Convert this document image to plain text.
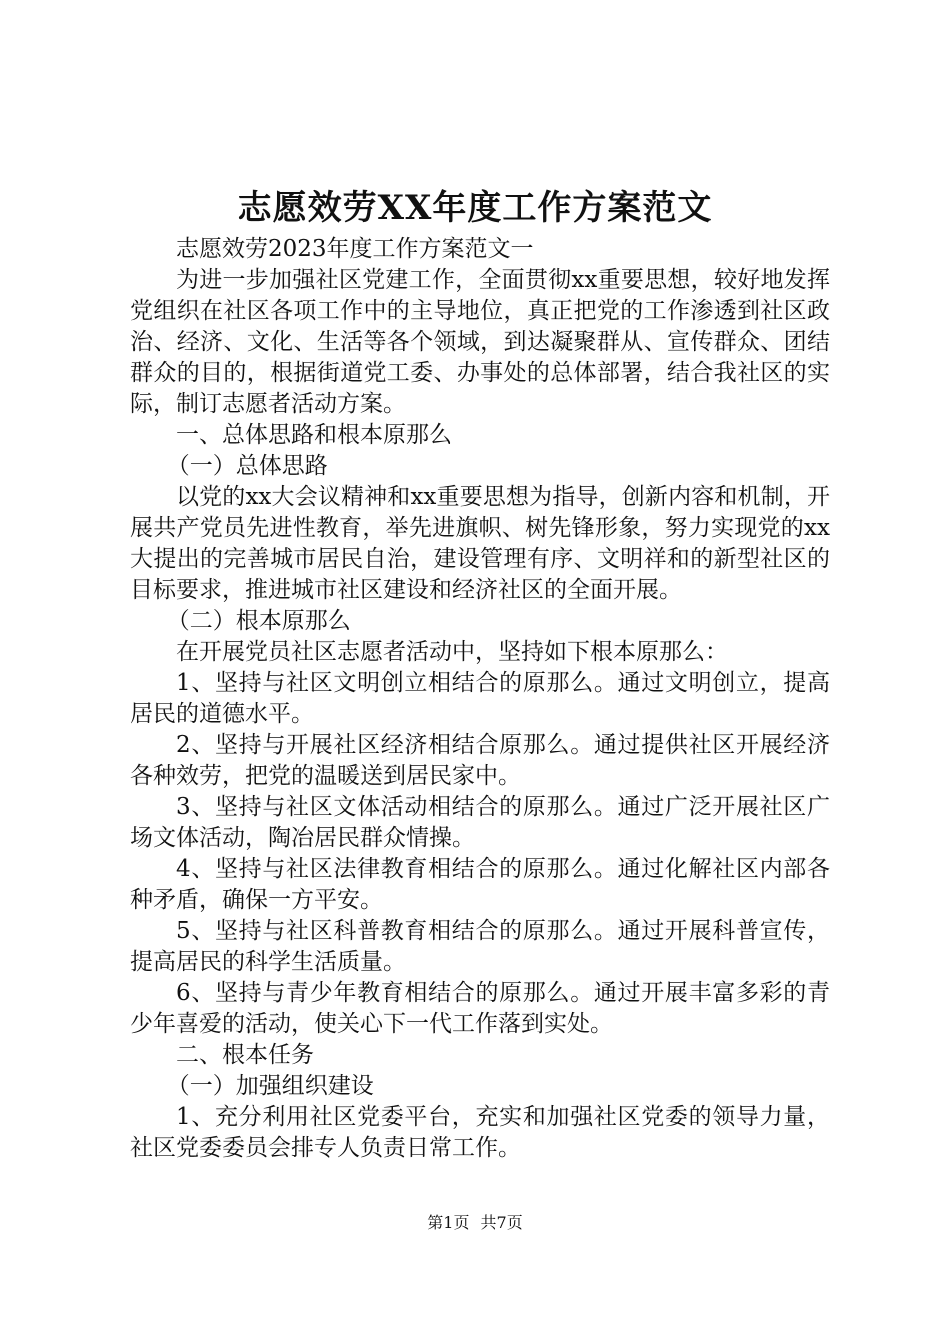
志愿效劳XX年度工作方案范文

志愿效劳2023年度工作方案范文一

为进一步加强社区党建工作，全面贯彻xx重要思想，较好地发挥党组织在社区各项工作中的主导地位，真正把党的工作渗透到社区政治、经济、文化、生活等各个领域，到达凝聚群从、宣传群众、团结群众的目的，根据街道党工委、办事处的总体部署，结合我社区的实际，制订志愿者活动方案。

一、总体思路和根本原那么

（一）总体思路

以党的xx大会议精神和xx重要思想为指导，创新内容和机制，开展共产党员先进性教育，举先进旗帜、树先锋形象，努力实现党的xx大提出的完善城市居民自治，建设管理有序、文明祥和的新型社区的目标要求，推进城市社区建设和经济社区的全面开展。

（二）根本原那么

在开展党员社区志愿者活动中，坚持如下根本原那么：

1、坚持与社区文明创立相结合的原那么。通过文明创立，提高居民的道德水平。

2、坚持与开展社区经济相结合原那么。通过提供社区开展经济各种效劳，把党的温暖送到居民家中。

3、坚持与社区文体活动相结合的原那么。通过广泛开展社区广场文体活动，陶冶居民群众情操。

4、坚持与社区法律教育相结合的原那么。通过化解社区内部各种矛盾，确保一方平安。

5、坚持与社区科普教育相结合的原那么。通过开展科普宣传，提高居民的科学生活质量。

6、坚持与青少年教育相结合的原那么。通过开展丰富多彩的青少年喜爱的活动，使关心下一代工作落到实处。

二、根本任务

（一）加强组织建设

1、充分利用社区党委平台，充实和加强社区党委的领导力量，社区党委委员会排专人负责日常工作。

第1页 共7页
